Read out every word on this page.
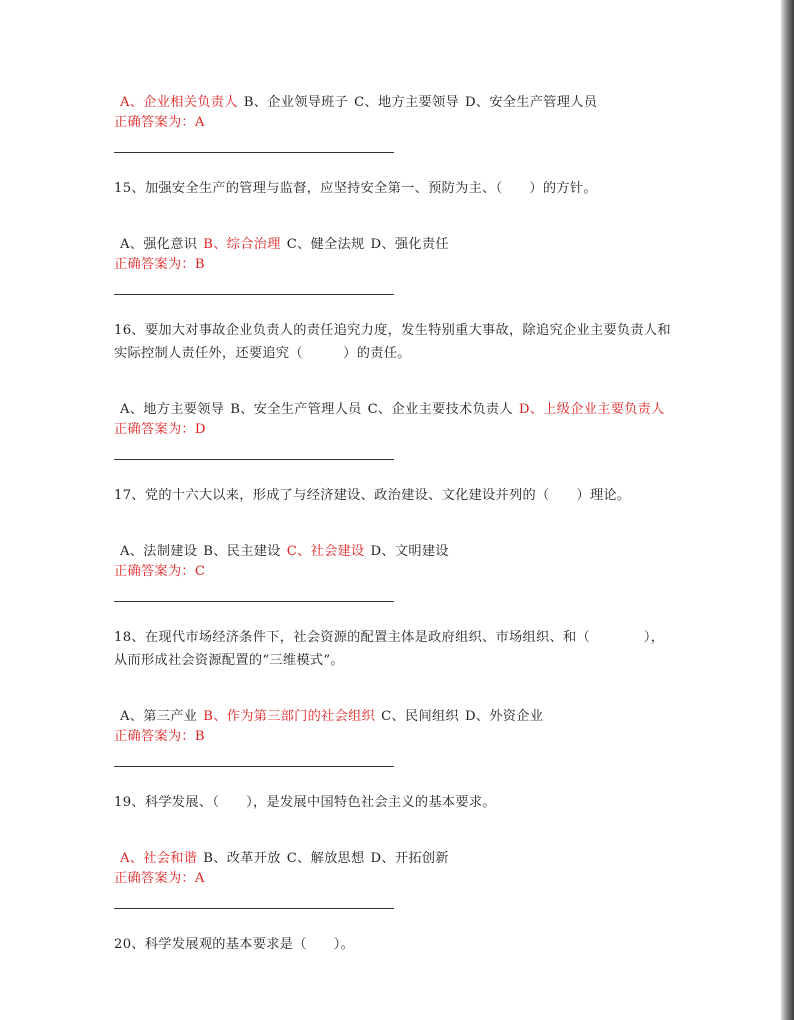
A、企业相关负责人 B、企业领导班子 C、地方主要领导 D、安全生产管理人员

正确答案为：A

15、加强安全生产的管理与监督，应坚持安全第一、预防为主、（　　）的方针。

A、强化意识 B、综合治理 C、健全法规 D、强化责任

正确答案为：B

16、要加大对事故企业负责人的责任追究力度，发生特别重大事故，除追究企业主要负责人和实际控制人责任外，还要追究（　　　）的责任。

A、地方主要领导 B、安全生产管理人员 C、企业主要技术负责人 D、上级企业主要负责人

正确答案为：D

17、党的十六大以来，形成了与经济建设、政治建设、文化建设并列的（　　）理论。

A、法制建设 B、民主建设 C、社会建设 D、文明建设

正确答案为：C

18、在现代市场经济条件下，社会资源的配置主体是政府组织、市场组织、和（　　　　），从而形成社会资源配置的“三维模式”。

A、第三产业 B、作为第三部门的社会组织 C、民间组织 D、外资企业

正确答案为：B

19、科学发展、（　　），是发展中国特色社会主义的基本要求。

A、社会和谐 B、改革开放 C、解放思想 D、开拓创新

正确答案为：A

20、科学发展观的基本要求是（　　）。
